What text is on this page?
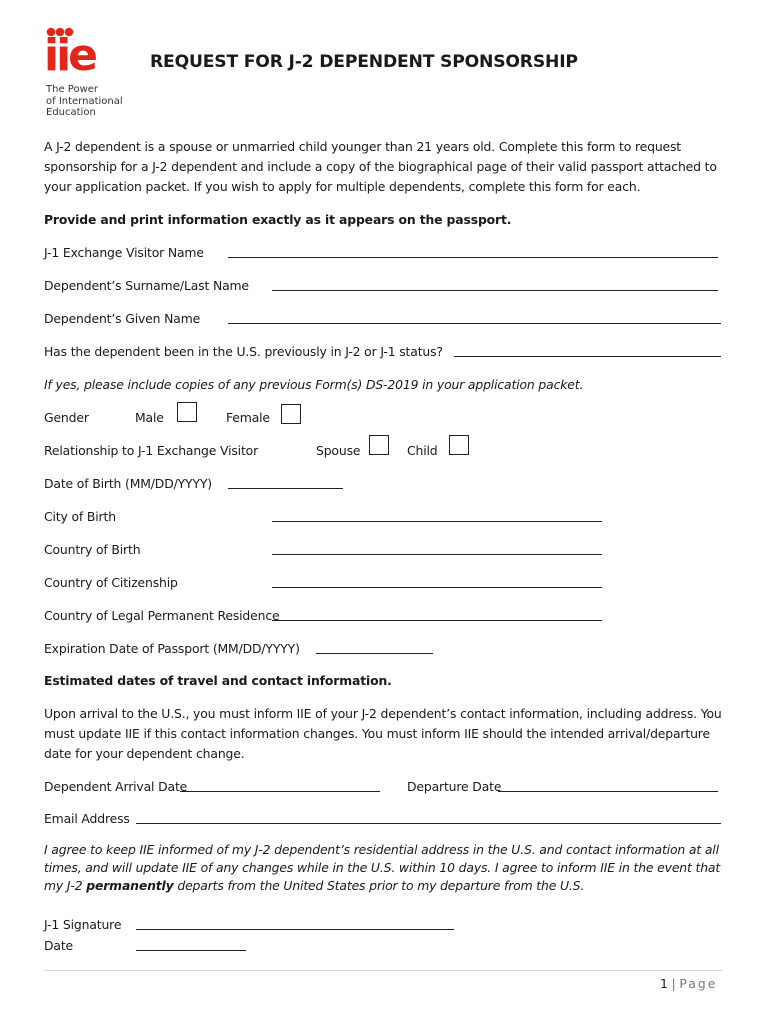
iie
The Power
of International
Education
REQUEST FOR J-2 DEPENDENT SPONSORSHIP
A J-2 dependent is a spouse or unmarried child younger than 21 years old. Complete this form to request sponsorship for a J-2 dependent and include a copy of the biographical page of their valid passport attached to your application packet. If you wish to apply for multiple dependents, complete this form for each.
Provide and print information exactly as it appears on the passport.
J-1 Exchange Visitor Name
Dependent’s Surname/Last Name
Dependent’s Given Name
Has the dependent been in the U.S. previously in J-2 or J-1 status?
If yes, please include copies of any previous Form(s) DS-2019 in your application packet.
Gender	Male	Female
Relationship to J-1 Exchange Visitor	Spouse	Child
Date of Birth (MM/DD/YYYY)
City of Birth
Country of Birth
Country of Citizenship
Country of Legal Permanent Residence
Expiration Date of Passport (MM/DD/YYYY)
Estimated dates of travel and contact information.
Upon arrival to the U.S., you must inform IIE of your J-2 dependent’s contact information, including address. You must update IIE if this contact information changes. You must inform IIE should the intended arrival/departure date for your dependent change.
Dependent Arrival Date	Departure Date
Email Address
I agree to keep IIE informed of my J-2 dependent’s residential address in the U.S. and contact information at all times, and will update IIE of any changes while in the U.S. within 10 days. I agree to inform IIE in the event that my J-2 permanently departs from the United States prior to my departure from the U.S.
J-1 Signature
Date
1 | Page
